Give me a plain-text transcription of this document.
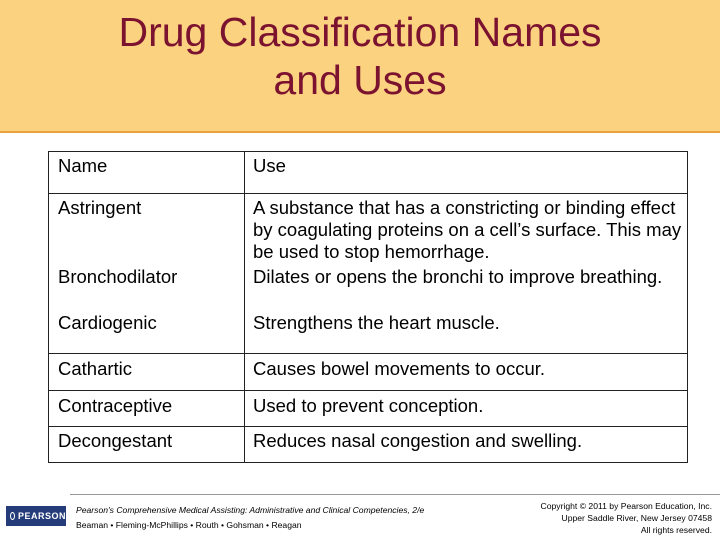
Drug Classification Names
and Uses
Name	Use
Astringent	A substance that has a constricting or binding effect by coagulating proteins on a cell’s surface. This may be used to stop hemorrhage.
Bronchodilator	Dilates or opens the bronchi to improve breathing.
Cardiogenic	Strengthens the heart muscle.
Cathartic	Causes bowel movements to occur.
Contraceptive	Used to prevent conception.
Decongestant	Reduces nasal congestion and swelling.
PEARSON
Pearson's Comprehensive Medical Assisting: Administrative and Clinical Competencies, 2/e
Beaman • Fleming-McPhillips • Routh • Gohsman • Reagan
Copyright © 2011 by Pearson Education, Inc.
Upper Saddle River, New Jersey 07458
All rights reserved.
